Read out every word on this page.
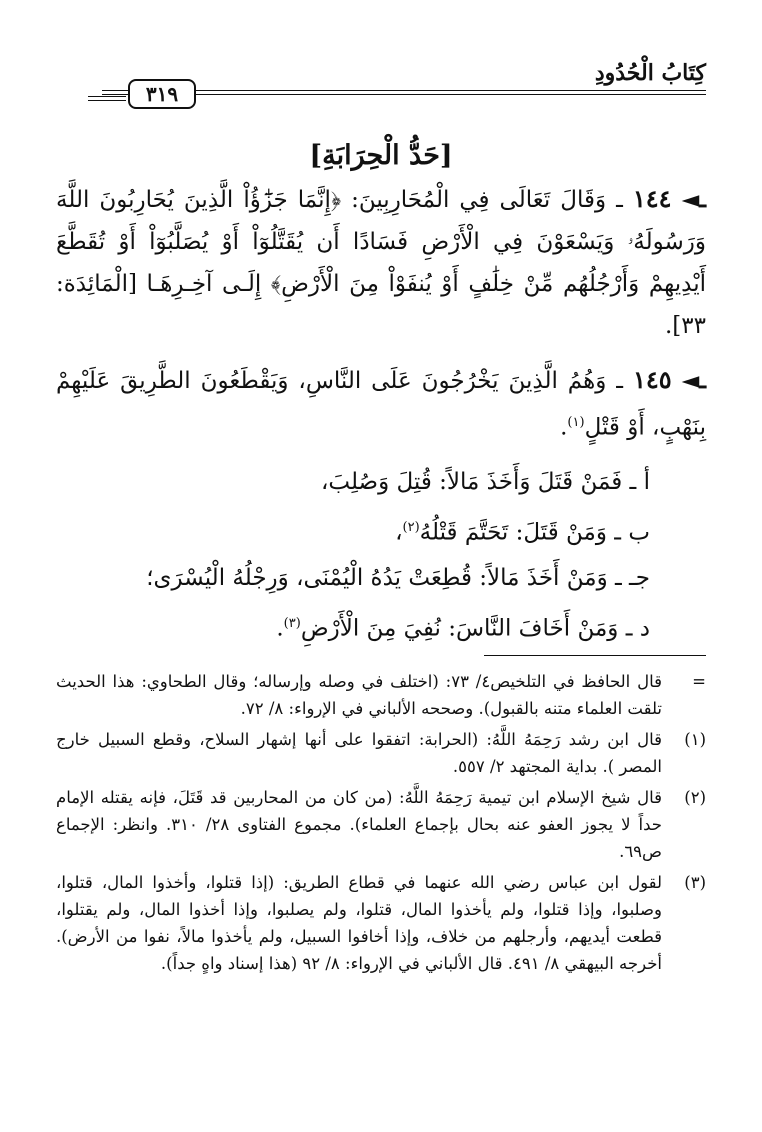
كِتَابُ الْحُدُودِ
٣١٩
[حَدُّ الْحِرَابَةِ]

ـ◄ ١٤٤ ـ وَقَالَ تَعَالَى فِي الْمُحَارِبِينَ: ﴿إِنَّمَا جَزَٰٓؤُاْ الَّذِينَ يُحَارِبُونَ اللَّهَ وَرَسُولَهُۥ وَيَسْعَوْنَ فِي الْأَرْضِ فَسَادًا أَن يُقَتَّلُوٓاْ أَوْ يُصَلَّبُوٓاْ أَوْ تُقَطَّعَ أَيْدِيهِمْ وَأَرْجُلُهُم مِّنْ خِلَٰفٍ أَوْ يُنفَوْاْ مِنَ الْأَرْضِ﴾ إِلَـى آخِـرِهَـا [الْمَائِدَة: ٣٣].

ـ◄ ١٤٥ ـ وَهُمُ الَّذِينَ يَخْرُجُونَ عَلَى النَّاسِ، وَيَقْطَعُونَ الطَّرِيقَ عَلَيْهِمْ بِنَهْبٍ، أَوْ قَتْلٍ$^{(١)}$.

أ ـ فَمَنْ قَتَلَ وَأَخَذَ مَالاً: قُتِلَ وَصُلِبَ،
ب ـ وَمَنْ قَتَلَ: تَحَتَّمَ قَتْلُهُ$^{(٢)}$،
جـ ـ وَمَنْ أَخَذَ مَالاً: قُطِعَتْ يَدُهُ الْيُمْنَى، وَرِجْلُهُ الْيُسْرَى؛
د ـ وَمَنْ أَخَافَ النَّاسَ: نُفِيَ مِنَ الْأَرْضِ$^{(٣)}$.
=
قال الحافظ في التلخيص٤/ ٧٣: (اختلف في وصله وإرساله؛ وقال الطحاوي: هذا الحديث تلقت العلماء متنه بالقبول). وصححه الألباني في الإرواء: ٨/ ٧٢.
(١)
قال ابن رشد رَحِمَهُ اللَّهُ: (الحرابة: اتفقوا على أنها إشهار السلاح، وقطع السبيل خارج المصر ). بداية المجتهد ٢/ ٥٥٧.
(٢)
قال شيخ الإسلام ابن تيمية رَحِمَهُ اللَّهُ: (من كان من المحاربين قد قَتَلَ، فإنه يقتله الإمام حداً لا يجوز العفو عنه بحال بإجماع العلماء). مجموع الفتاوى ٢٨/ ٣١٠. وانظر: الإجماع ص٦٩.
(٣)
لقول ابن عباس رضي الله عنهما في قطاع الطريق: (إذا قتلوا، وأخذوا المال، قتلوا، وصلبوا، وإذا قتلوا، ولم يأخذوا المال، قتلوا، ولم يصلبوا، وإذا أخذوا المال، ولم يقتلوا، قطعت أيديهم، وأرجلهم من خلاف، وإذا أخافوا السبيل، ولم يأخذوا مالاً، نفوا من الأرض). أخرجه البيهقي ٨/ ٤٩١. قال الألباني في الإرواء: ٨/ ٩٢ (هذا إسناد واهٍ جداً).
